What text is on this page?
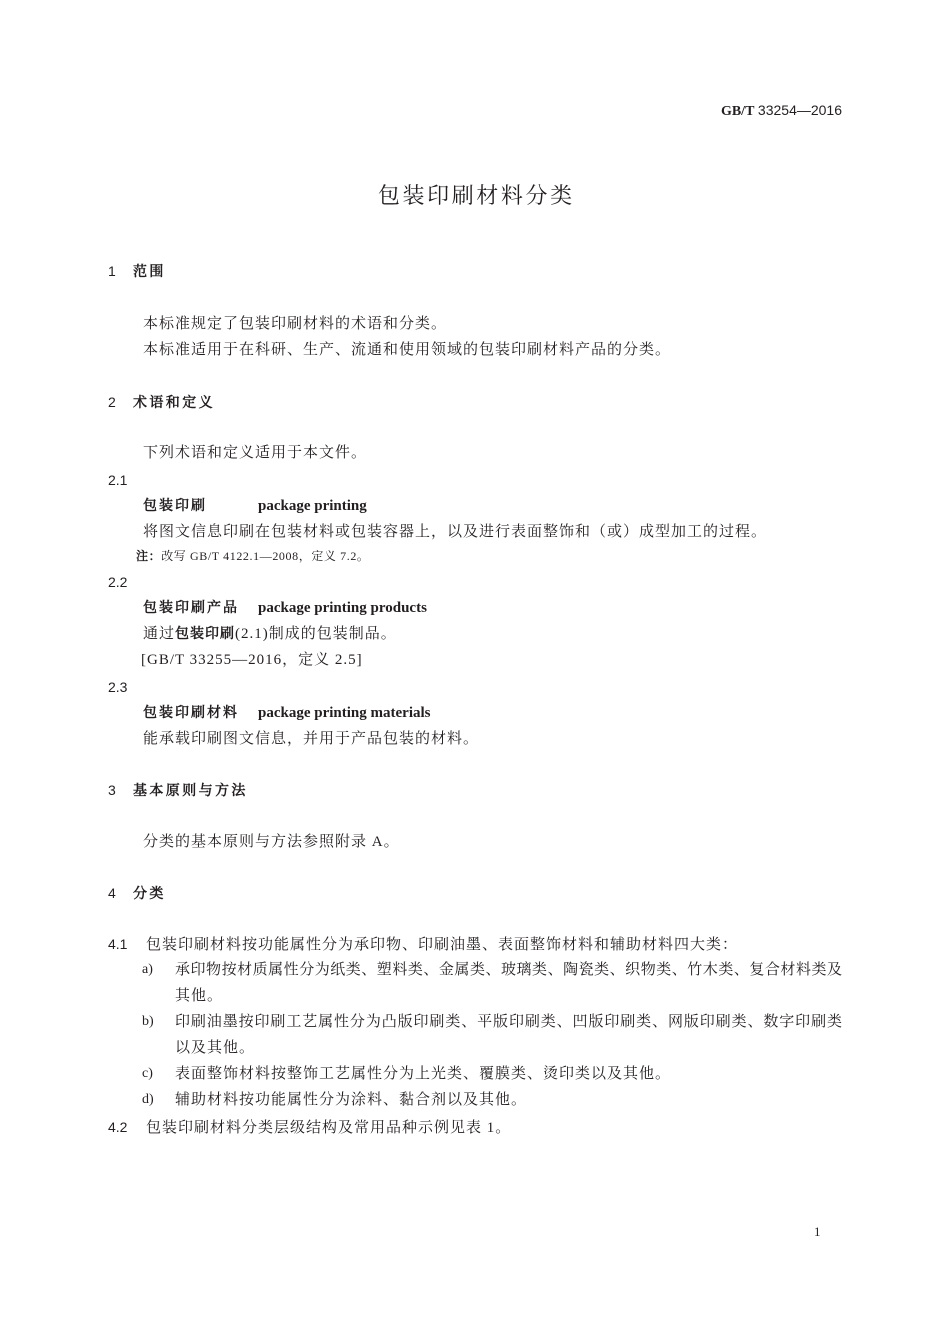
GB/T 33254—2016
包装印刷材料分类
1 范围
本标准规定了包装印刷材料的术语和分类。
本标准适用于在科研、生产、流通和使用领域的包装印刷材料产品的分类。
2 术语和定义
下列术语和定义适用于本文件。
2.1
包装印刷	package printing
将图文信息印刷在包装材料或包装容器上，以及进行表面整饰和（或）成型加工的过程。
注：改写 GB/T 4122.1—2008，定义 7.2。
2.2
包装印刷产品 package printing products
通过包装印刷(2.1)制成的包装制品。
[GB/T 33255—2016，定义 2.5]
2.3
包装印刷材料 package printing materials
能承载印刷图文信息，并用于产品包装的材料。
3 基本原则与方法
分类的基本原则与方法参照附录 A。
4 分类
4.1 包装印刷材料按功能属性分为承印物、印刷油墨、表面整饰材料和辅助材料四大类：
a) 承印物按材质属性分为纸类、塑料类、金属类、玻璃类、陶瓷类、织物类、竹木类、复合材料类及
其他。
b) 印刷油墨按印刷工艺属性分为凸版印刷类、平版印刷类、凹版印刷类、网版印刷类、数字印刷类
以及其他。
c) 表面整饰材料按整饰工艺属性分为上光类、覆膜类、烫印类以及其他。
d) 辅助材料按功能属性分为涂料、黏合剂以及其他。
4.2 包装印刷材料分类层级结构及常用品种示例见表 1。
1
